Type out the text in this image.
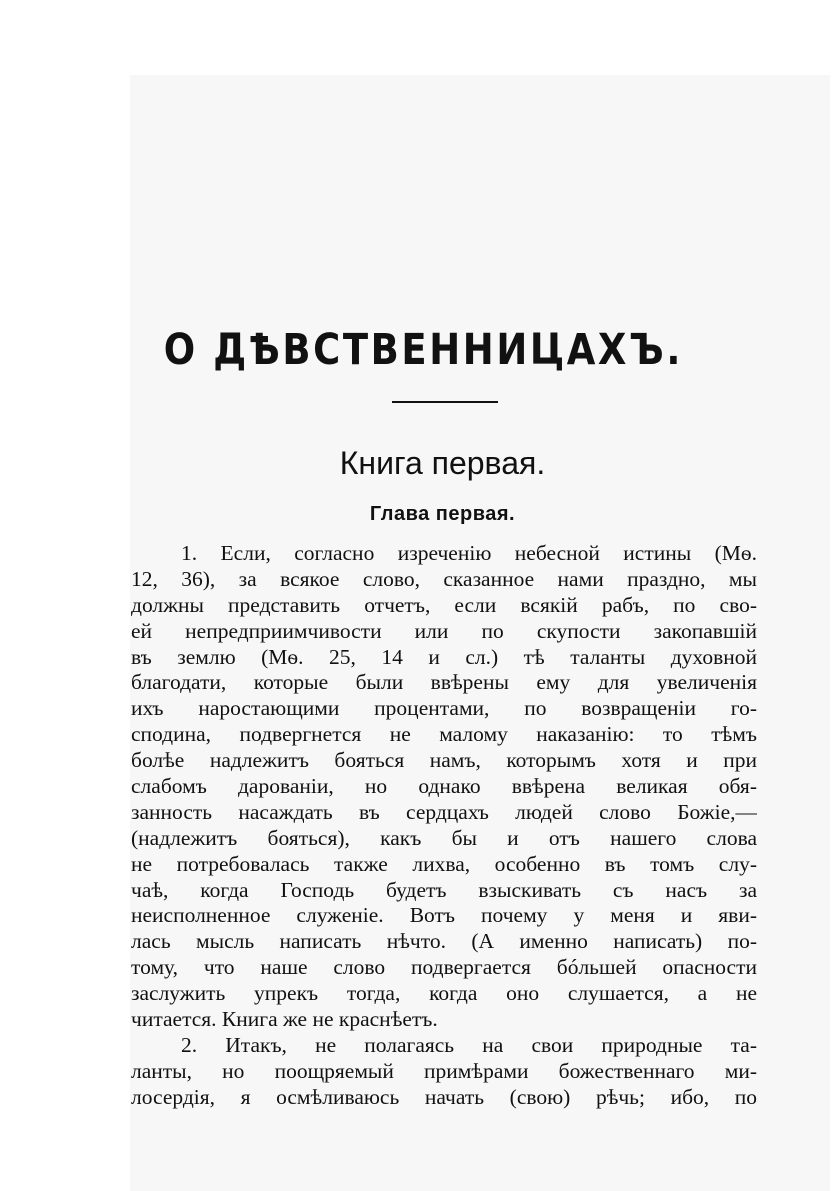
О ДѢВСТВЕННИЦАХЪ.
Книга первая.
Глава первая.
1. Если, согласно изреченiю небесной истины (Мѳ.
12, 36), за всякое слово, сказанное нами праздно, мы
должны представить отчетъ, если всякiй рабъ, по сво-
ей непредприимчивости или по скупости закопавшiй
въ землю (Мѳ. 25, 14 и сл.) тѣ таланты духовной
благодати, которые были ввѣрены ему для увеличенiя
ихъ наростающими процентами, по возвращенiи го-
сподина, подвергнется не малому наказанiю: то тѣмъ
болѣе надлежитъ бояться намъ, которымъ хотя и при
слабомъ дарованiи, но однако ввѣрена великая обя-
занность насаждать въ сердцахъ людей слово Божiе,—
(надлежитъ бояться), какъ бы и отъ нашего слова
не потребовалась также лихва, особенно въ томъ слу-
чаѣ, когда Господь будетъ взыскивать съ насъ за
неисполненное служенiе. Вотъ почему у меня и яви-
лась мысль написать нѣчто. (А именно написать) по-
тому, что наше слово подвергается бóльшей опасности
заслужить упрекъ тогда, когда оно слушается, а не
читается. Книга же не краснѣетъ.
2. Итакъ, не полагаясь на свои природные та-
ланты, но поощряемый примѣрами божественнаго ми-
лосердiя, я осмѣливаюсь начать (свою) рѣчь; ибо, по
